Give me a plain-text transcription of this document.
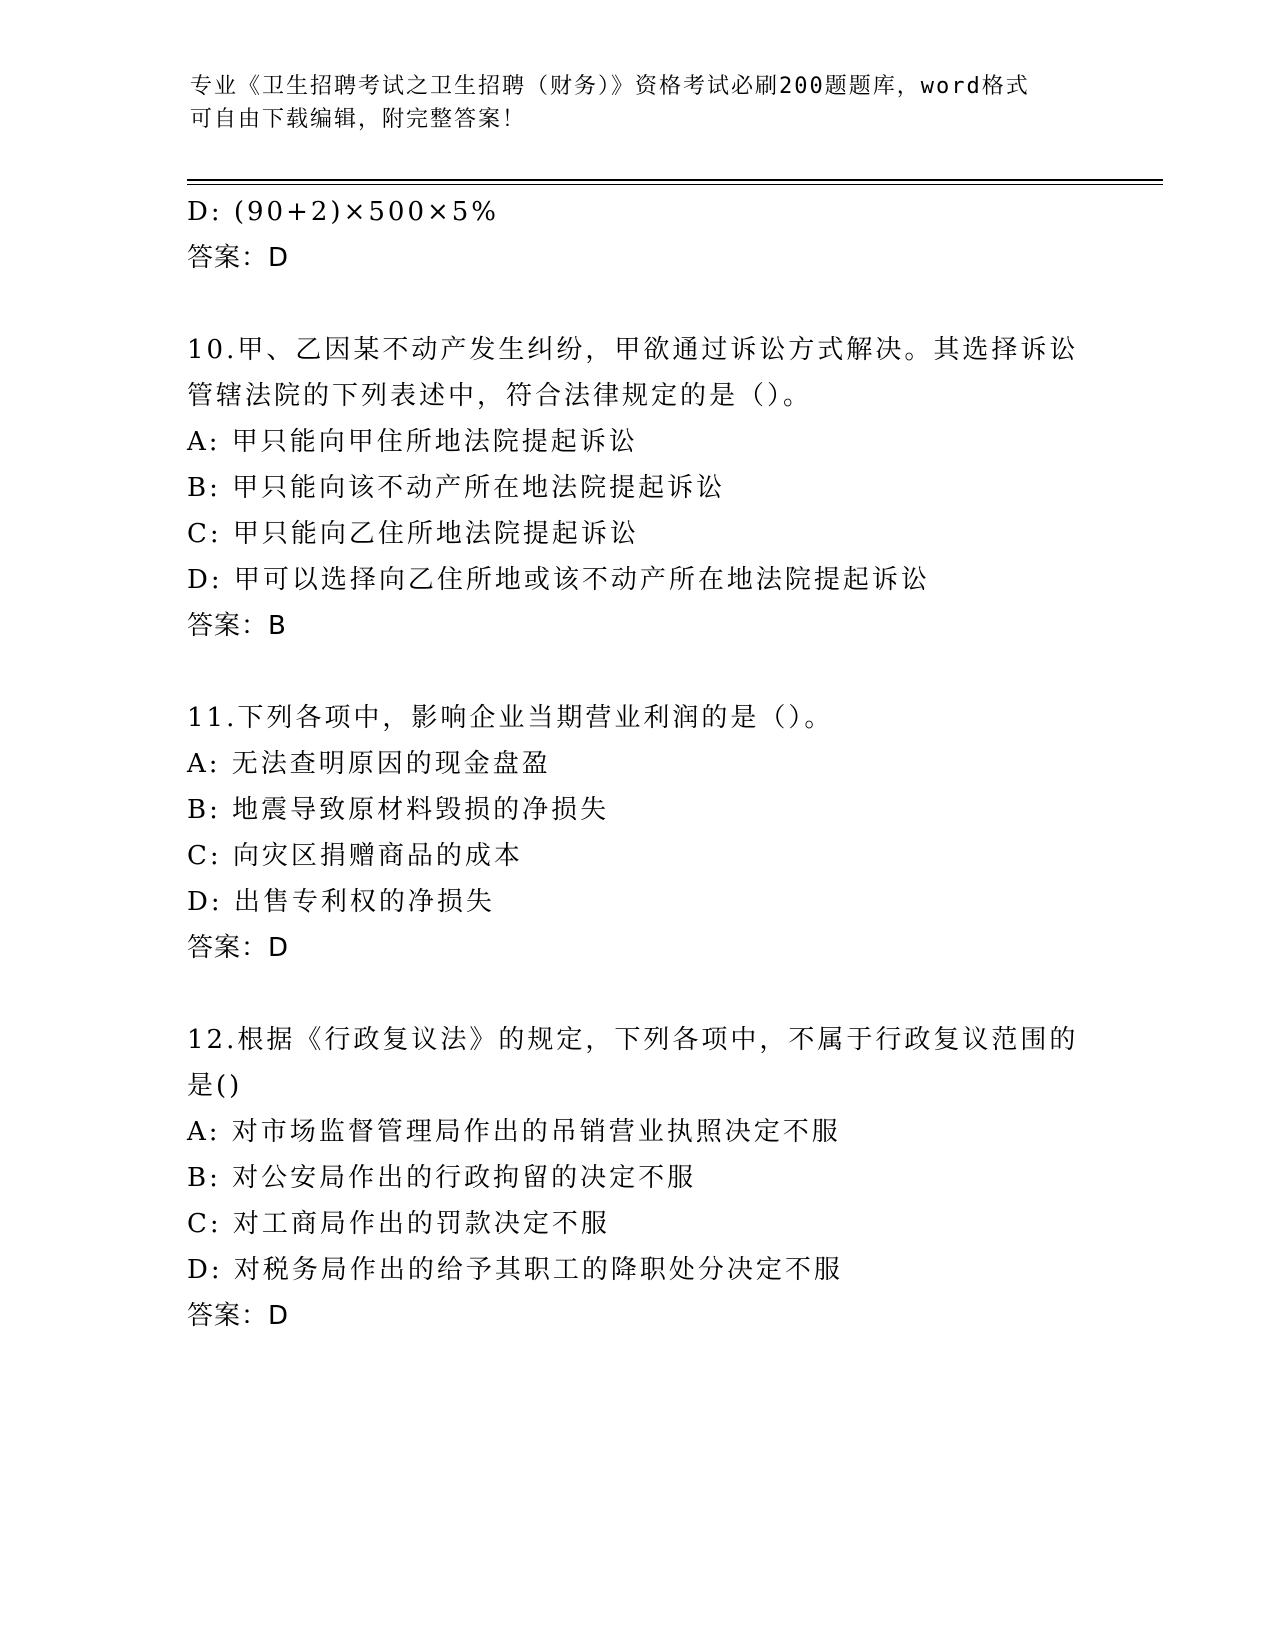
专业《卫生招聘考试之卫生招聘（财务）》资格考试必刷200题题库，word格式
可自由下载编辑，附完整答案！
D: (90+2)×500×5%
答案：D
10.甲、乙因某不动产发生纠纷，甲欲通过诉讼方式解决。其选择诉讼
管辖法院的下列表述中，符合法律规定的是（）。
A: 甲只能向甲住所地法院提起诉讼
B: 甲只能向该不动产所在地法院提起诉讼
C: 甲只能向乙住所地法院提起诉讼
D: 甲可以选择向乙住所地或该不动产所在地法院提起诉讼
答案：B
11.下列各项中，影响企业当期营业利润的是（）。
A: 无法查明原因的现金盘盈
B: 地震导致原材料毁损的净损失
C: 向灾区捐赠商品的成本
D: 出售专利权的净损失
答案：D
12.根据《行政复议法》的规定，下列各项中，不属于行政复议范围的
是()
A: 对市场监督管理局作出的吊销营业执照决定不服
B: 对公安局作出的行政拘留的决定不服
C: 对工商局作出的罚款决定不服
D: 对税务局作出的给予其职工的降职处分决定不服
答案：D
